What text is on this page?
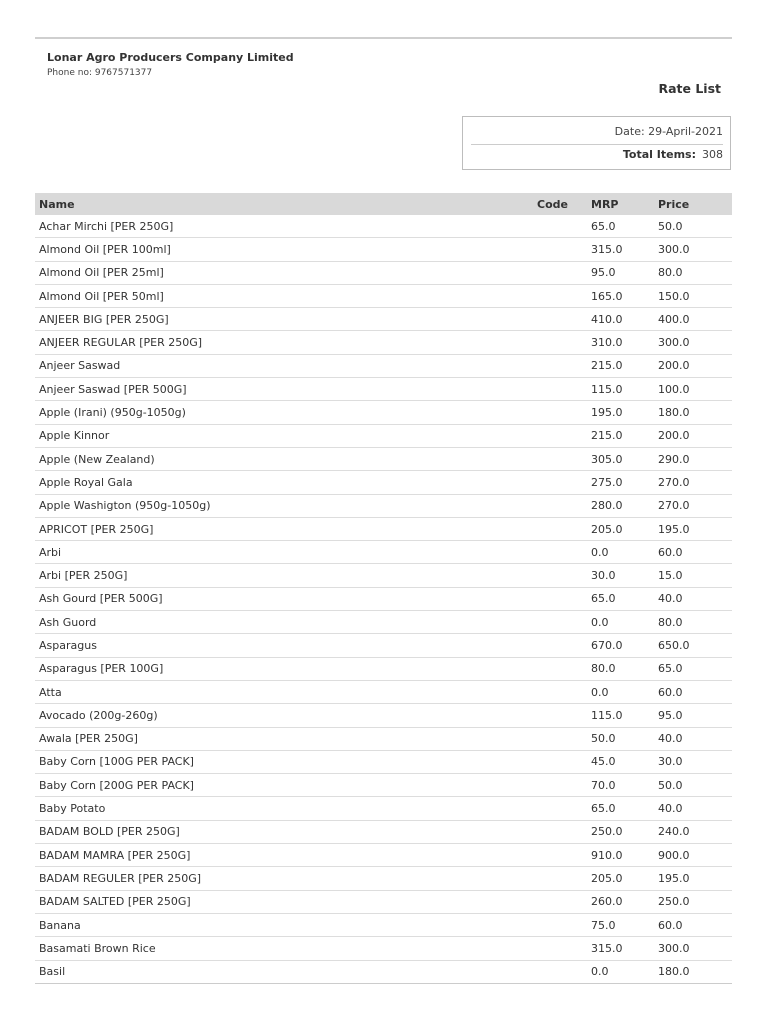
Lonar Agro Producers Company Limited
Phone no: 9767571377
Rate List
Date: 29-April-2021
Total Items: 308
Name	Code	MRP	Price
Achar Mirchi [PER 250G]		65.0	50.0
Almond Oil [PER 100ml]		315.0	300.0
Almond Oil [PER 25ml]		95.0	80.0
Almond Oil [PER 50ml]		165.0	150.0
ANJEER BIG [PER 250G]		410.0	400.0
ANJEER REGULAR [PER 250G]		310.0	300.0
Anjeer Saswad		215.0	200.0
Anjeer Saswad [PER 500G]		115.0	100.0
Apple (Irani) (950g-1050g)		195.0	180.0
Apple Kinnor		215.0	200.0
Apple (New Zealand)		305.0	290.0
Apple Royal Gala		275.0	270.0
Apple Washigton (950g-1050g)		280.0	270.0
APRICOT [PER 250G]		205.0	195.0
Arbi		0.0	60.0
Arbi [PER 250G]		30.0	15.0
Ash Gourd [PER 500G]		65.0	40.0
Ash Guord		0.0	80.0
Asparagus		670.0	650.0
Asparagus [PER 100G]		80.0	65.0
Atta		0.0	60.0
Avocado (200g-260g)		115.0	95.0
Awala [PER 250G]		50.0	40.0
Baby Corn [100G PER PACK]		45.0	30.0
Baby Corn [200G PER PACK]		70.0	50.0
Baby Potato		65.0	40.0
BADAM BOLD [PER 250G]		250.0	240.0
BADAM MAMRA [PER 250G]		910.0	900.0
BADAM REGULER [PER 250G]		205.0	195.0
BADAM SALTED [PER 250G]		260.0	250.0
Banana		75.0	60.0
Basamati Brown Rice		315.0	300.0
Basil		0.0	180.0
